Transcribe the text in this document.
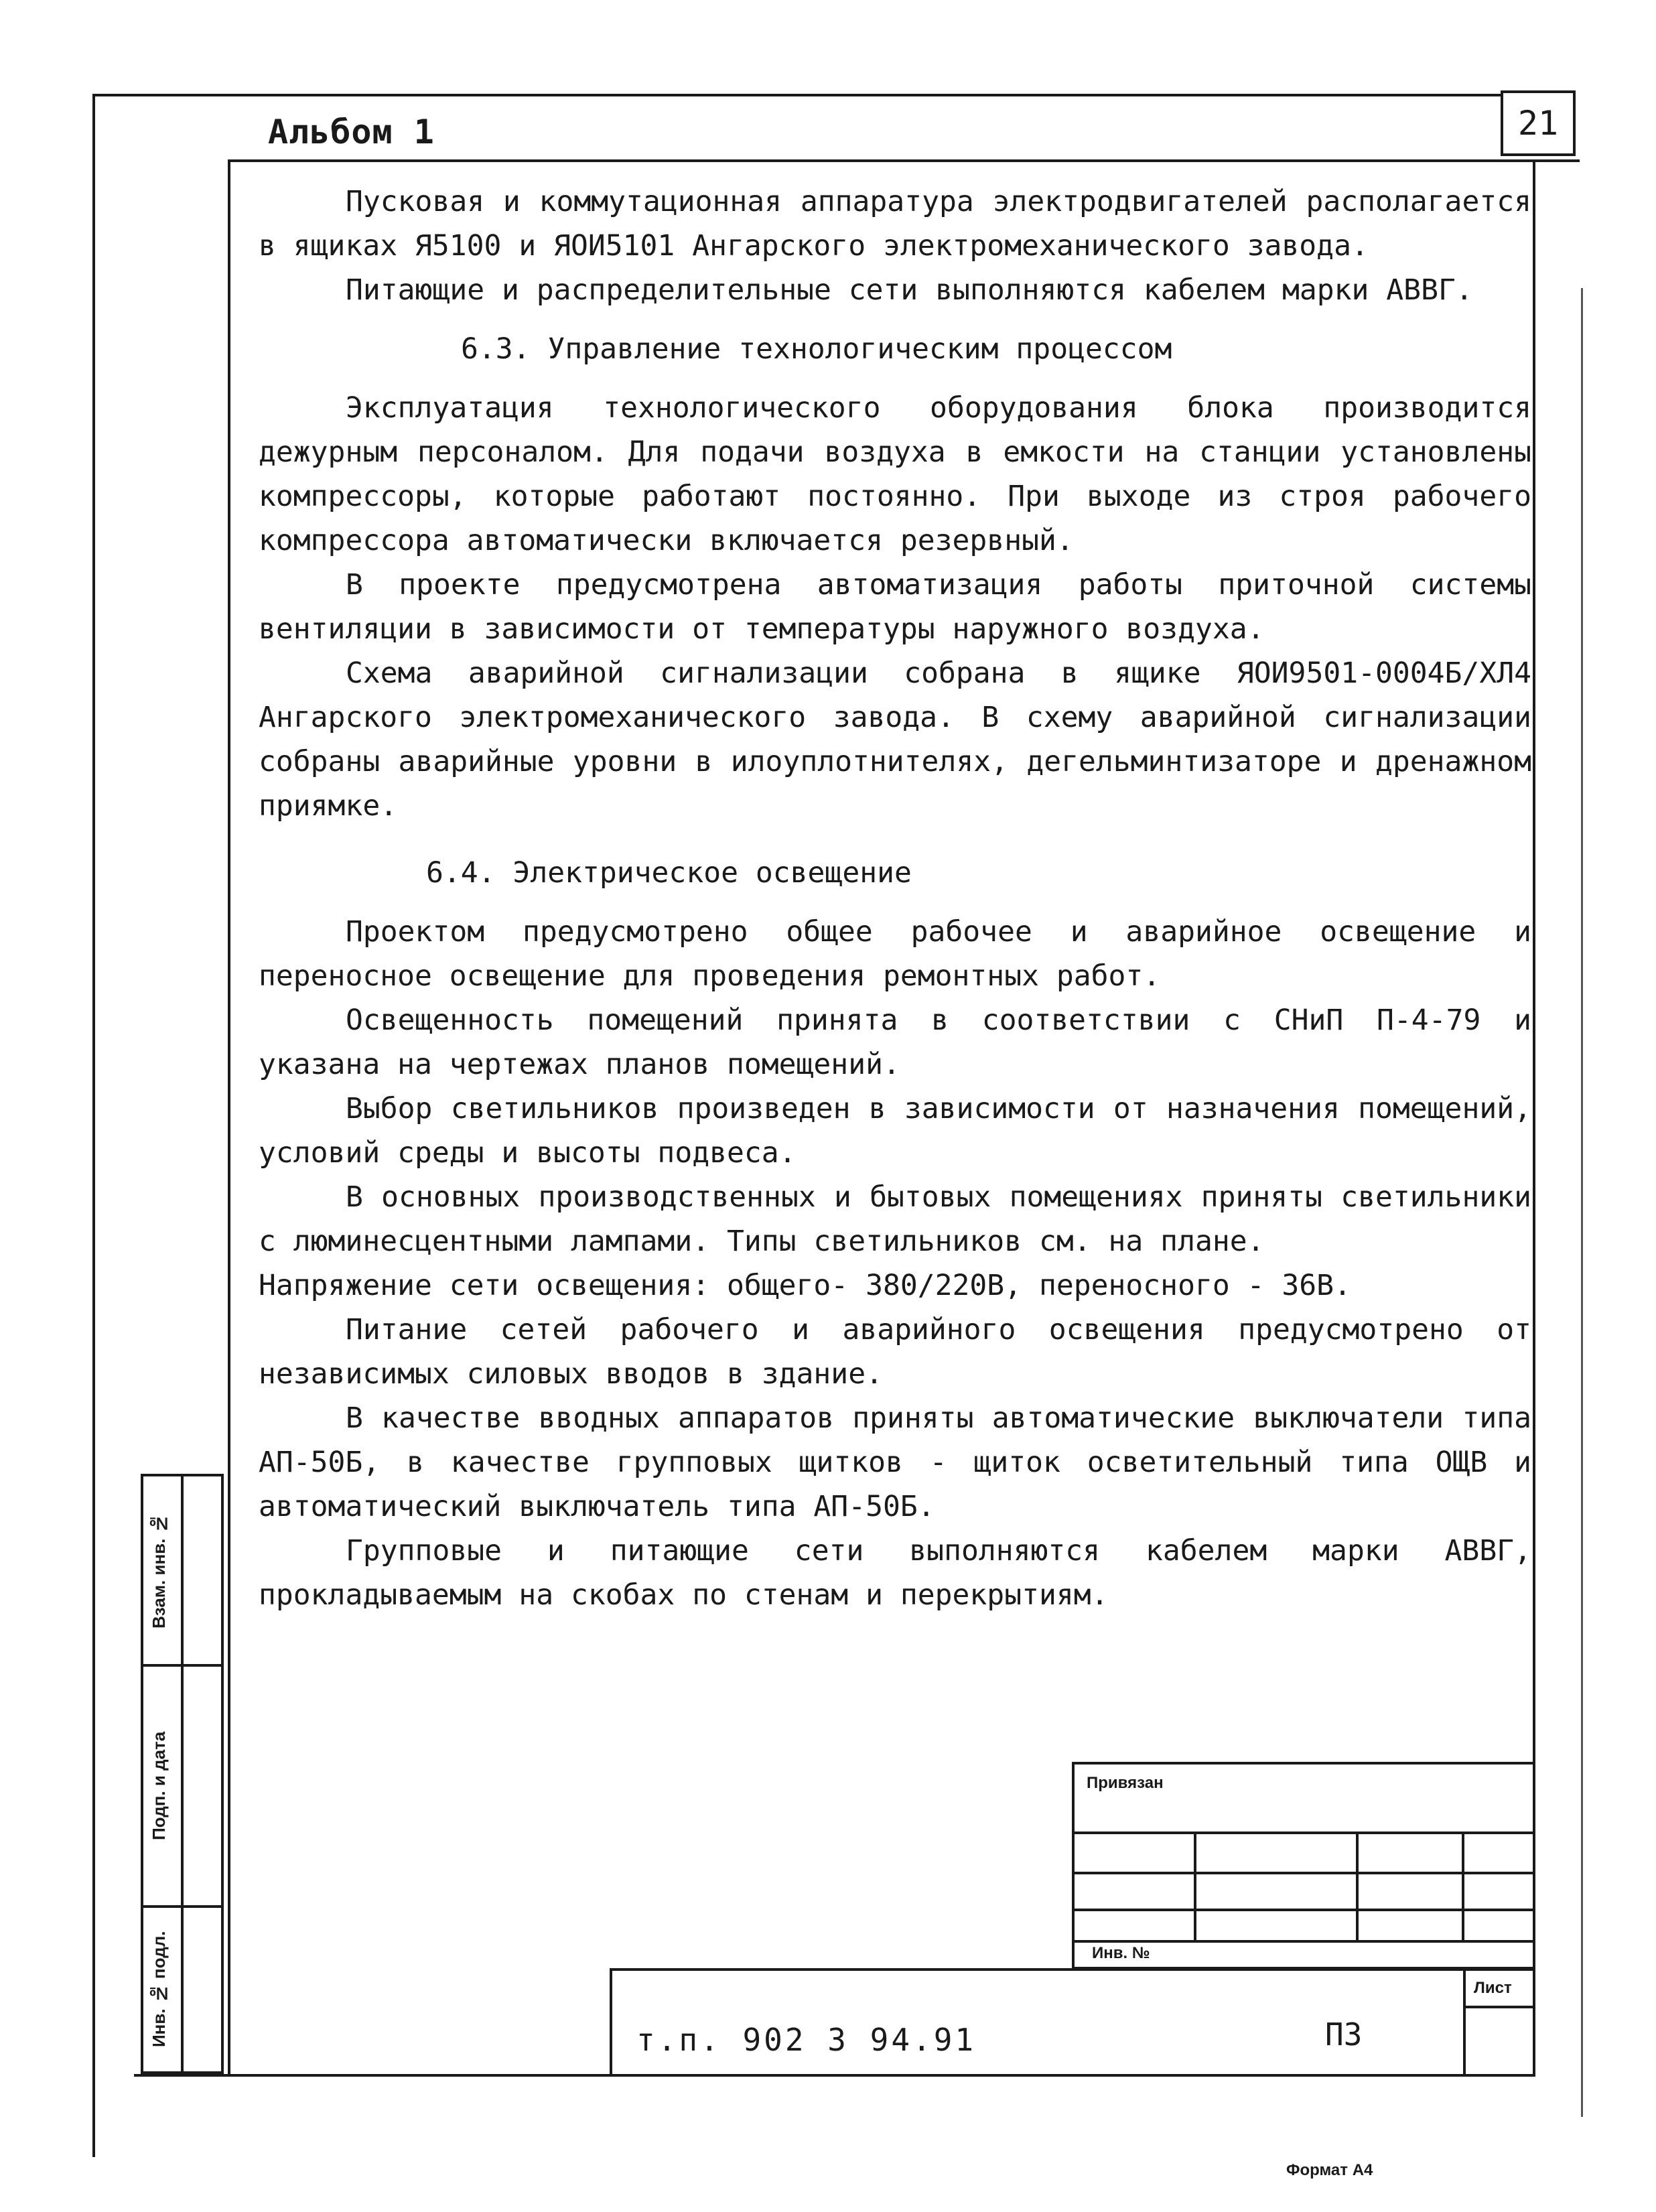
Альбом 1	21

Пусковая и коммутационная аппаратура электродвигателей располагается в ящиках Я5100 и ЯОИ5101 Ангарского электромеханического завода.

Питающие и распределительные сети выполняются кабелем марки АВВГ.

6.3. Управление технологическим процессом

Эксплуатация технологического оборудования блока производится дежурным персоналом. Для подачи воздуха в емкости на станции установлены компрессоры, которые работают постоянно. При выходе из строя рабочего компрессора автоматически включается резервный.

В проекте предусмотрена автоматизация работы приточной системы вентиляции в зависимости от температуры наружного воздуха.

Схема аварийной сигнализации собрана в ящике ЯОИ9501-0004Б/ХЛ4 Ангарского электромеханического завода. В схему аварийной сигнализации собраны аварийные уровни в илоуплотнителях, дегельминтизаторе и дренажном приямке.

6.4. Электрическое освещение

Проектом предусмотрено общее рабочее и аварийное освещение и переносное освещение для проведения ремонтных работ.

Освещенность помещений принята в соответствии с СНиП П-4-79 и указана на чертежах планов помещений.

Выбор светильников произведен в зависимости от назначения помещений, условий среды и высоты подвеса.

В основных производственных и бытовых помещениях приняты светильники с люминесцентными лампами. Типы светильников см. на плане.

Напряжение сети освещения: общего- 380/220В, переносного - 36В.

Питание сетей рабочего и аварийного освещения предусмотрено от независимых силовых вводов в здание.

В качестве вводных аппаратов приняты автоматические выключатели типа АП-50Б, в качестве групповых щитков - щиток осветительный типа ОЩВ и автоматический выключатель типа АП-50Б.

Групповые и питающие сети выполняются кабелем марки АВВГ, прокладываемым на скобах по стенам и перекрытиям.

Взам. инв. №
Подп. и дата
Инв. № подл.
Привязан
Инв. №
Лист
т.п. 902 3 94.91	ПЗ
Формат А4
